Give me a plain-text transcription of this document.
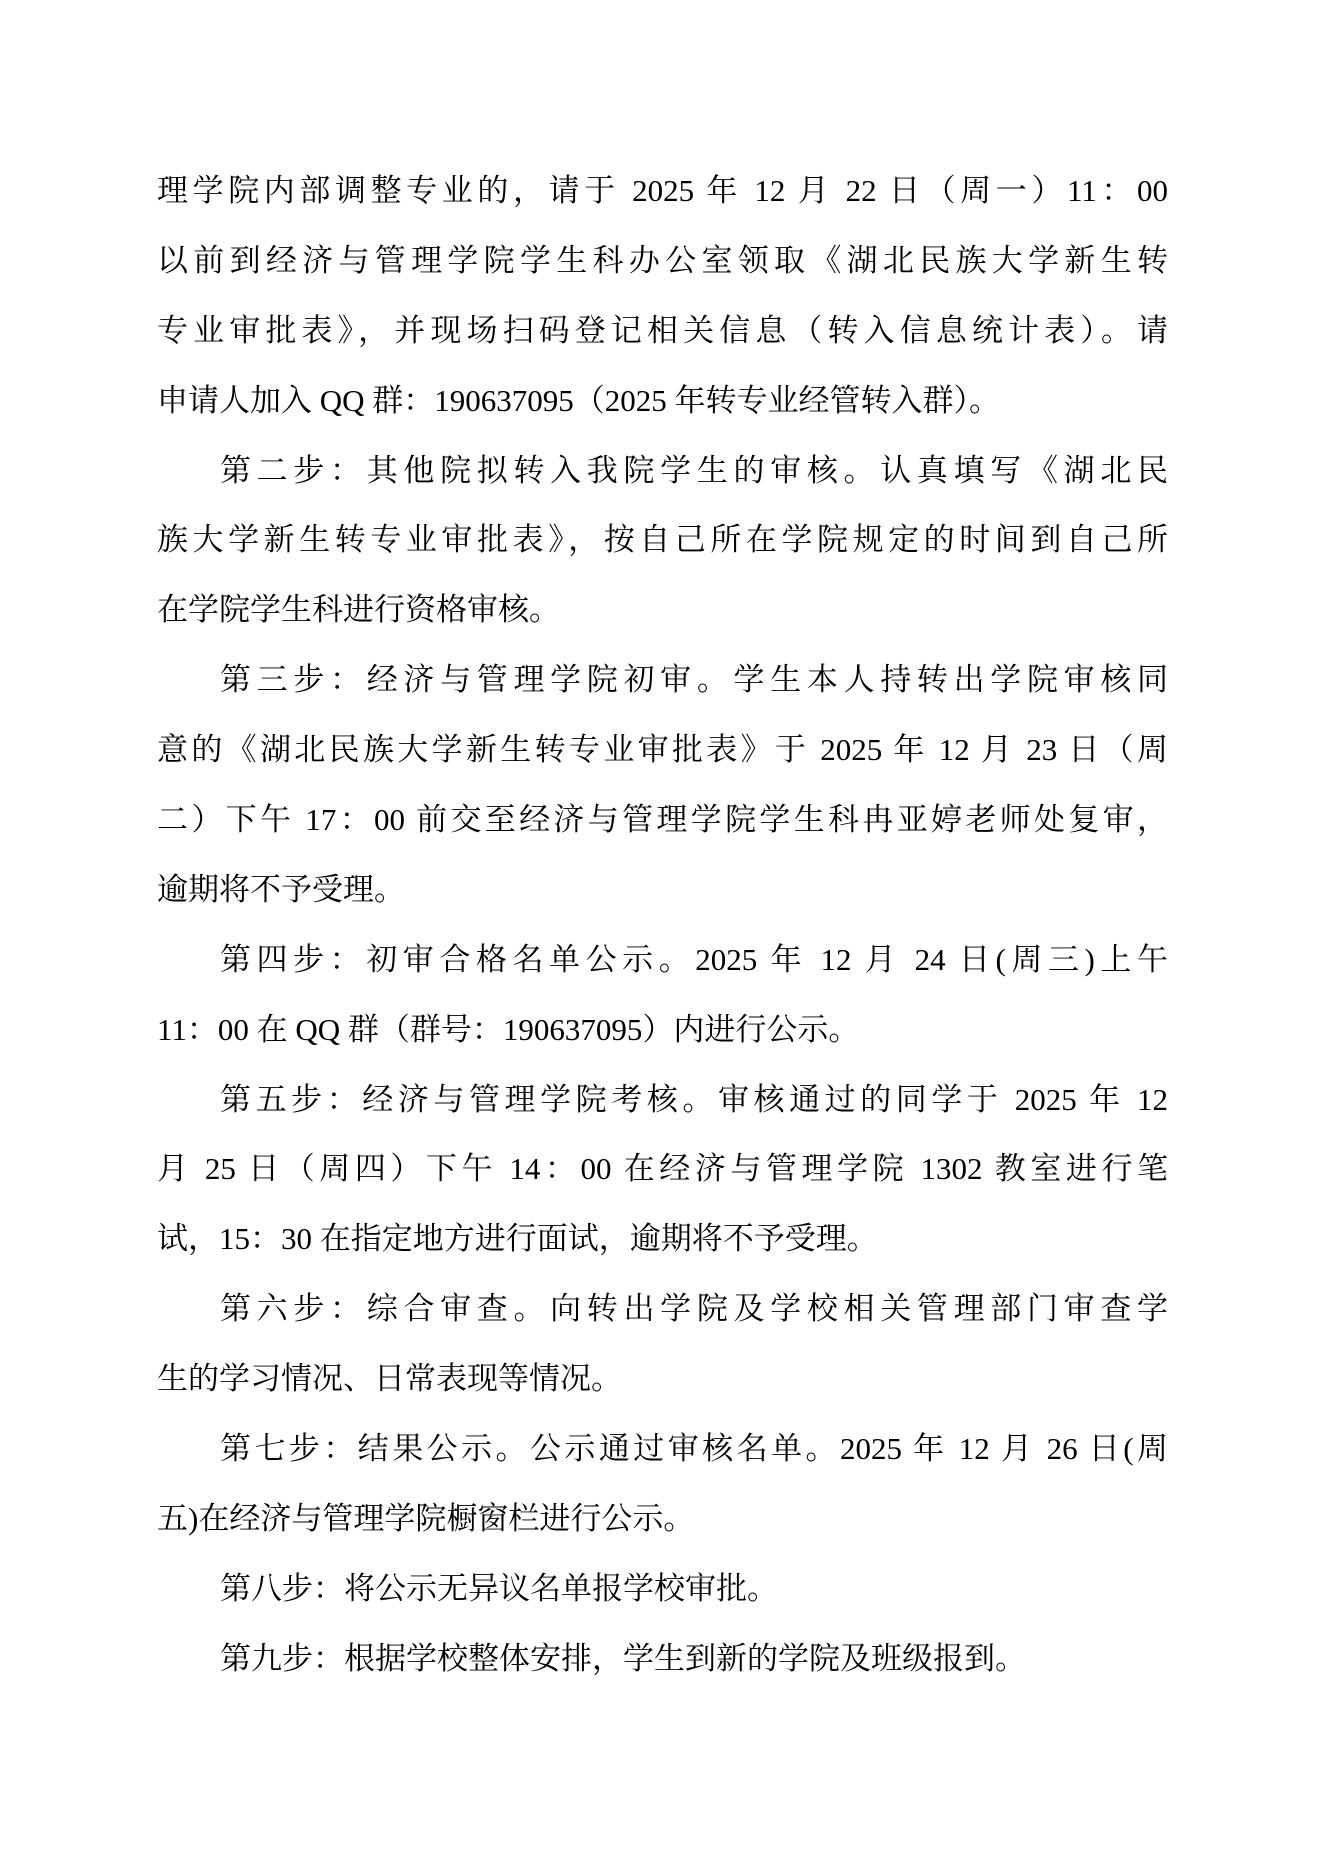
理学院内部调整专业的，请于 2025 年 12 月 22 日（周一）11：00
以前到经济与管理学院学生科办公室领取《湖北民族大学新生转
专业审批表》，并现场扫码登记相关信息（转入信息统计表）。请
申请人加入 QQ 群：190637095（2025 年转专业经管转入群）。
第二步：其他院拟转入我院学生的审核。认真填写《湖北民
族大学新生转专业审批表》，按自己所在学院规定的时间到自己所
在学院学生科进行资格审核。
第三步：经济与管理学院初审。学生本人持转出学院审核同
意的《湖北民族大学新生转专业审批表》于 2025 年 12 月 23 日（周
二）下午 17：00 前交至经济与管理学院学生科冉亚婷老师处复审，
逾期将不予受理。
第四步：初审合格名单公示。2025 年 12 月 24 日(周三)上午
11：00 在 QQ 群（群号：190637095）内进行公示。
第五步：经济与管理学院考核。审核通过的同学于 2025 年 12
月 25 日（周四）下午 14：00 在经济与管理学院 1302 教室进行笔
试，15：30 在指定地方进行面试，逾期将不予受理。
第六步：综合审查。向转出学院及学校相关管理部门审查学
生的学习情况、日常表现等情况。
第七步：结果公示。公示通过审核名单。2025 年 12 月 26 日(周
五)在经济与管理学院橱窗栏进行公示。
第八步：将公示无异议名单报学校审批。
第九步：根据学校整体安排，学生到新的学院及班级报到。
